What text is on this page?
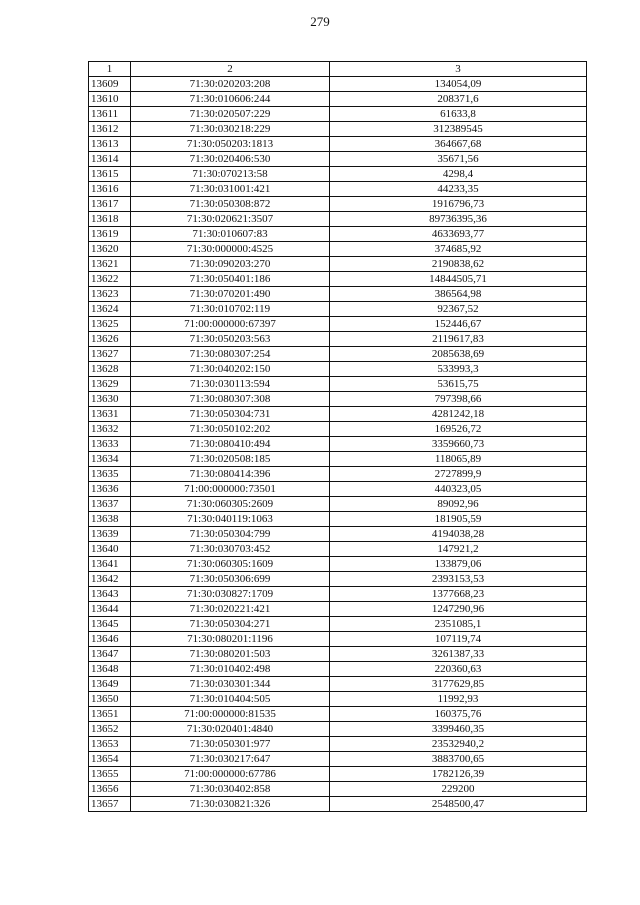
279
1	2	3
13609	71:30:020203:208	134054,09
13610	71:30:010606:244	208371,6
13611	71:30:020507:229	61633,8
13612	71:30:030218:229	312389545
13613	71:30:050203:1813	364667,68
13614	71:30:020406:530	35671,56
13615	71:30:070213:58	4298,4
13616	71:30:031001:421	44233,35
13617	71:30:050308:872	1916796,73
13618	71:30:020621:3507	89736395,36
13619	71:30:010607:83	4633693,77
13620	71:30:000000:4525	374685,92
13621	71:30:090203:270	2190838,62
13622	71:30:050401:186	14844505,71
13623	71:30:070201:490	386564,98
13624	71:30:010702:119	92367,52
13625	71:00:000000:67397	152446,67
13626	71:30:050203:563	2119617,83
13627	71:30:080307:254	2085638,69
13628	71:30:040202:150	533993,3
13629	71:30:030113:594	53615,75
13630	71:30:080307:308	797398,66
13631	71:30:050304:731	4281242,18
13632	71:30:050102:202	169526,72
13633	71:30:080410:494	3359660,73
13634	71:30:020508:185	118065,89
13635	71:30:080414:396	2727899,9
13636	71:00:000000:73501	440323,05
13637	71:30:060305:2609	89092,96
13638	71:30:040119:1063	181905,59
13639	71:30:050304:799	4194038,28
13640	71:30:030703:452	147921,2
13641	71:30:060305:1609	133879,06
13642	71:30:050306:699	2393153,53
13643	71:30:030827:1709	1377668,23
13644	71:30:020221:421	1247290,96
13645	71:30:050304:271	2351085,1
13646	71:30:080201:1196	107119,74
13647	71:30:080201:503	3261387,33
13648	71:30:010402:498	220360,63
13649	71:30:030301:344	3177629,85
13650	71:30:010404:505	11992,93
13651	71:00:000000:81535	160375,76
13652	71:30:020401:4840	3399460,35
13653	71:30:050301:977	23532940,2
13654	71:30:030217:647	3883700,65
13655	71:00:000000:67786	1782126,39
13656	71:30:030402:858	229200
13657	71:30:030821:326	2548500,47
